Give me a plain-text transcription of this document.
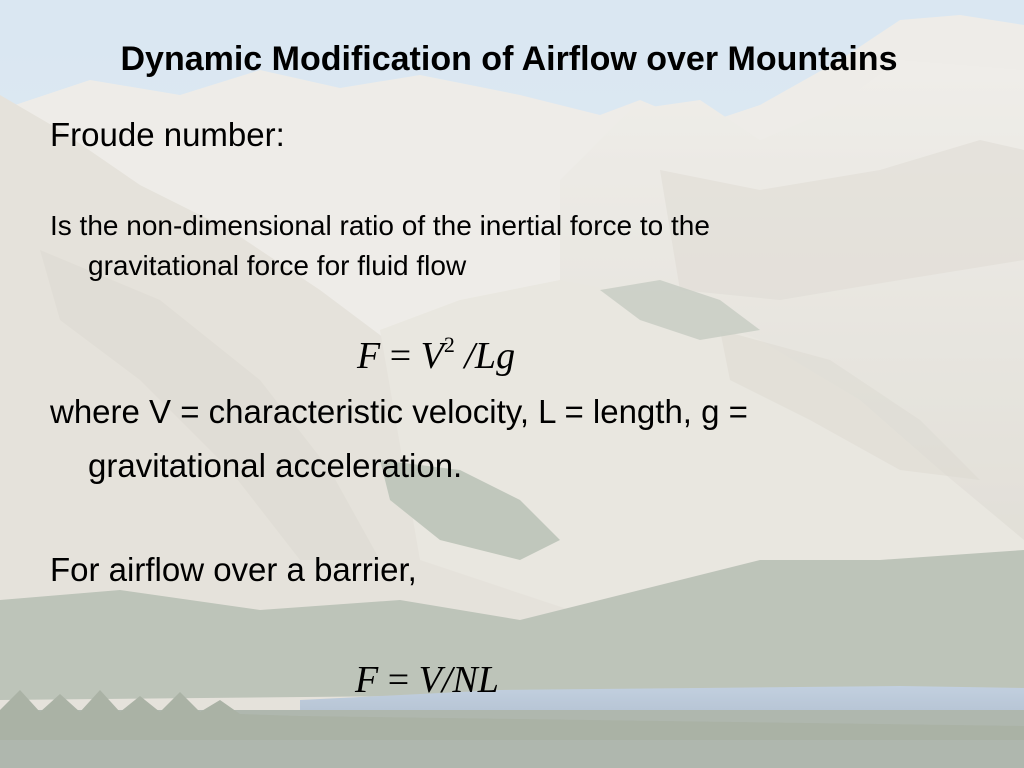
Dynamic Modification of Airflow over Mountains
Froude number:
Is the non-dimensional ratio of the inertial force to the
gravitational force for fluid flow
$F = V^2$ /Lg
where V = characteristic velocity, L = length, g =
gravitational acceleration.
For airflow over a barrier,
F = V/NL
